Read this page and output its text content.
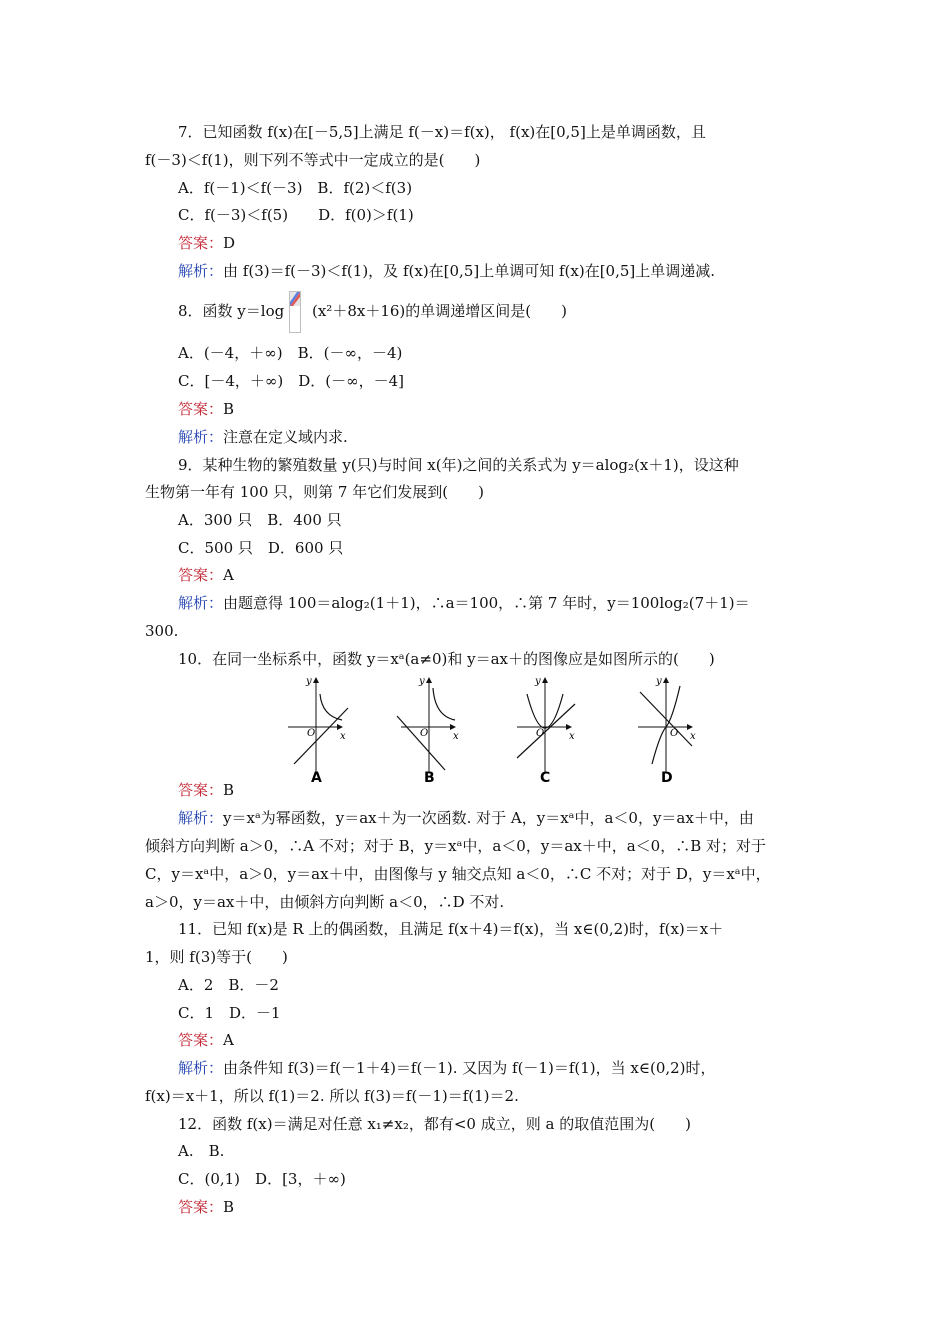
7．已知函数 f(x)在[－5,5]上满足 f(－x)＝f(x)， f(x)在[0,5]上是单调函数，且
f(－3)＜f(1)，则下列不等式中一定成立的是(　　)
A．f(－1)＜f(－3)　B．f(2)＜f(3)
C．f(－3)＜f(5)　　D．f(0)＞f(1)
答案：D
解析：由 f(3)＝f(－3)＜f(1)，及 f(x)在[0,5]上单调可知 f(x)在[0,5]上单调递减.
8．函数 y＝log (x²＋8x＋16)的单调递增区间是(　　)
A．(－4，＋∞)　B．(－∞，－4)
C．[－4，＋∞)　D．(－∞，－4]
答案：B
解析：注意在定义域内求.
9．某种生物的繁殖数量 y(只)与时间 x(年)之间的关系式为 y＝alog₂(x＋1)，设这种
生物第一年有 100 只，则第 7 年它们发展到(　　)
A．300 只　B．400 只
C．500 只　D．600 只
答案：A
解析：由题意得 100＝alog₂(1＋1)，∴a＝100，∴第 7 年时，y＝100log₂(7＋1)＝
300.
10．在同一坐标系中，函数 y＝xᵃ(a≠0)和 y＝ax＋的图像应是如图所示的(　　)
O x
y
A
O x
y
B
O x
y
C
O x
y
D
答案：B
解析：y＝xᵃ为幂函数，y＝ax＋为一次函数. 对于 A，y＝xᵃ中，a＜0，y＝ax＋中，由
倾斜方向判断 a＞0，∴A 不对；对于 B，y＝xᵃ中，a＜0，y＝ax＋中，a＜0，∴B 对；对于
C，y＝xᵃ中，a＞0，y＝ax＋中，由图像与 y 轴交点知 a＜0，∴C 不对；对于 D，y＝xᵃ中，
a＞0，y＝ax＋中，由倾斜方向判断 a＜0，∴D 不对.
11．已知 f(x)是 R 上的偶函数，且满足 f(x＋4)＝f(x)，当 x∈(0,2)时，f(x)＝x＋
1，则 f(3)等于(　　)
A．2　B．－2
C．1　D．－1
答案：A
解析：由条件知 f(3)＝f(－1＋4)＝f(－1). 又因为 f(－1)＝f(1)，当 x∈(0,2)时，
f(x)＝x＋1，所以 f(1)＝2. 所以 f(3)＝f(－1)＝f(1)＝2.
12．函数 f(x)＝满足对任意 x₁≠x₂，都有<0 成立，则 a 的取值范围为(　　)
A.　B.
C．(0,1)　D．[3，＋∞)
答案：B
